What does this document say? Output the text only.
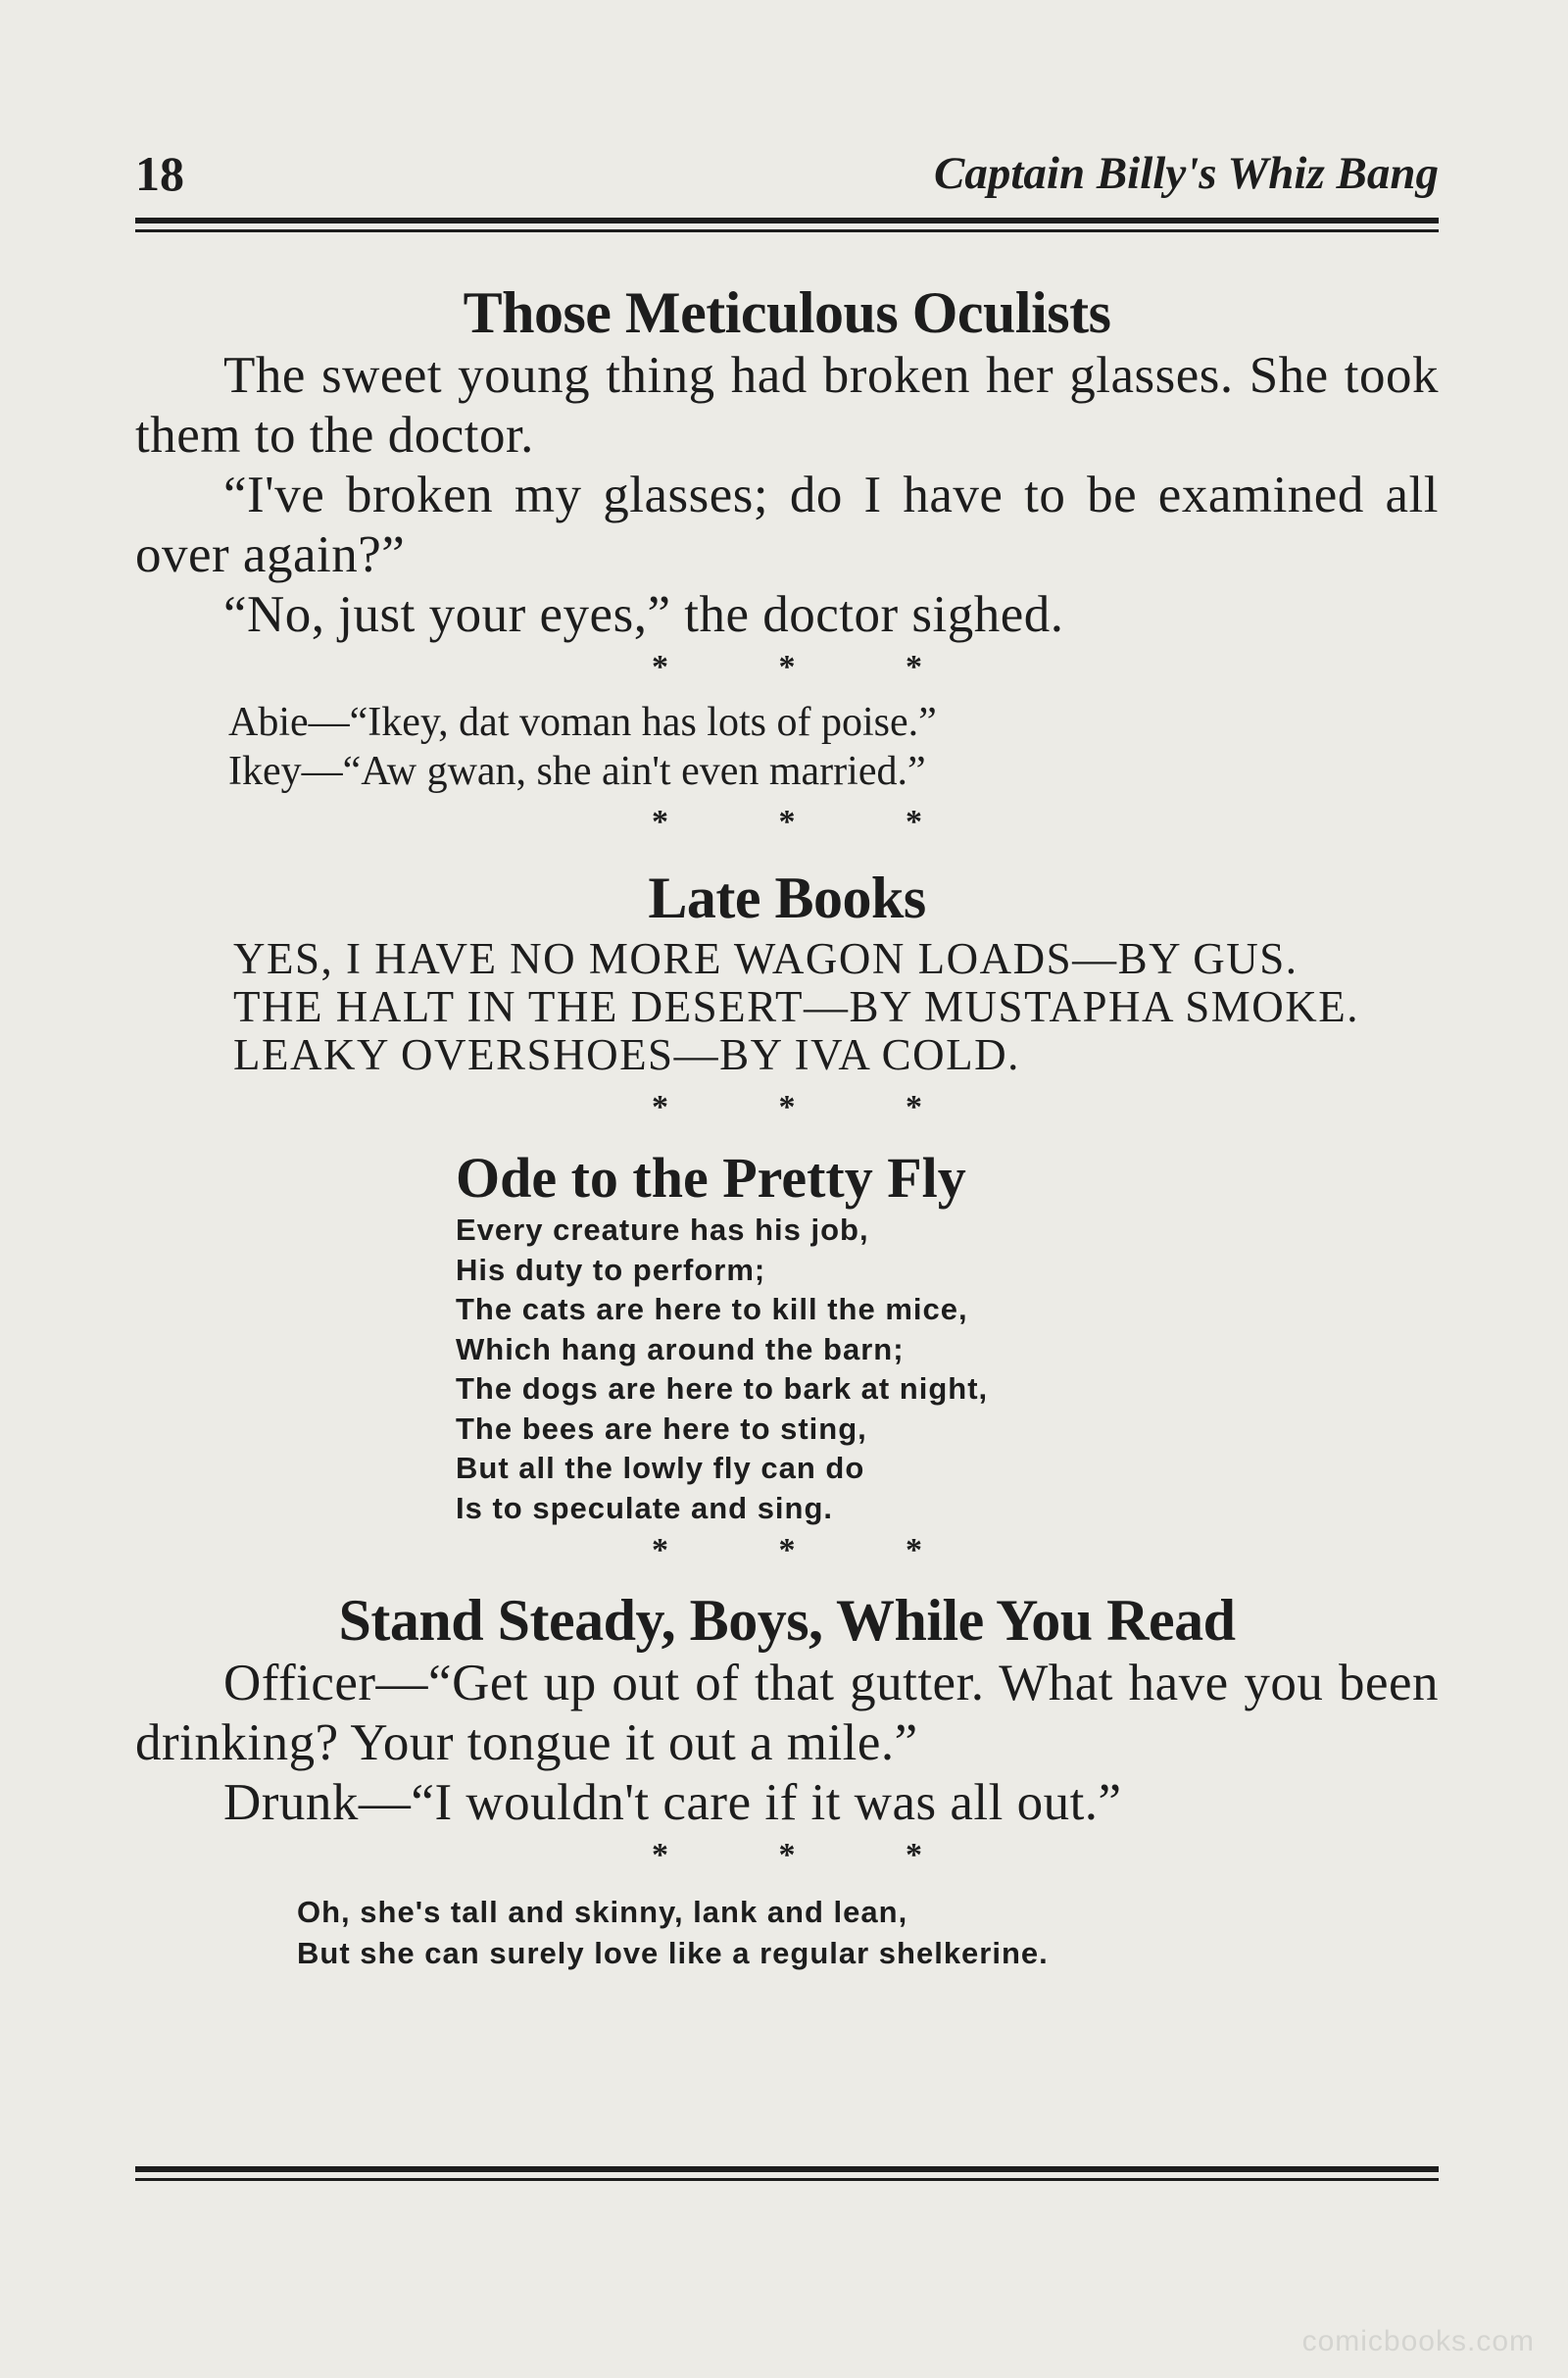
18	Captain Billy's Whiz Bang
Those Meticulous Oculists

The sweet young thing had broken her glasses. She took them to the doctor.

“I've broken my glasses; do I have to be examined all over again?”

“No, just your eyes,” the doctor sighed.

* * *
Abie—“Ikey, dat voman has lots of poise.”
Ikey—“Aw gwan, she ain't even married.”
* * *
Late Books

YES, I HAVE NO MORE WAGON LOADS—BY GUS.

THE HALT IN THE DESERT—BY MUSTAPHA SMOKE.

LEAKY OVERSHOES—BY IVA COLD.

* * *
Ode to the Pretty Fly
Every creature has his job,
His duty to perform;
The cats are here to kill the mice,
Which hang around the barn;
The dogs are here to bark at night,
The bees are here to sting,
But all the lowly fly can do
Is to speculate and sing.
* * *
Stand Steady, Boys, While You Read

Officer—“Get up out of that gutter. What have you been drinking? Your tongue it out a mile.”

Drunk—“I wouldn't care if it was all out.”

* * *
Oh, she's tall and skinny, lank and lean,
But she can surely love like a regular shelkerine.
comicbooks.com
